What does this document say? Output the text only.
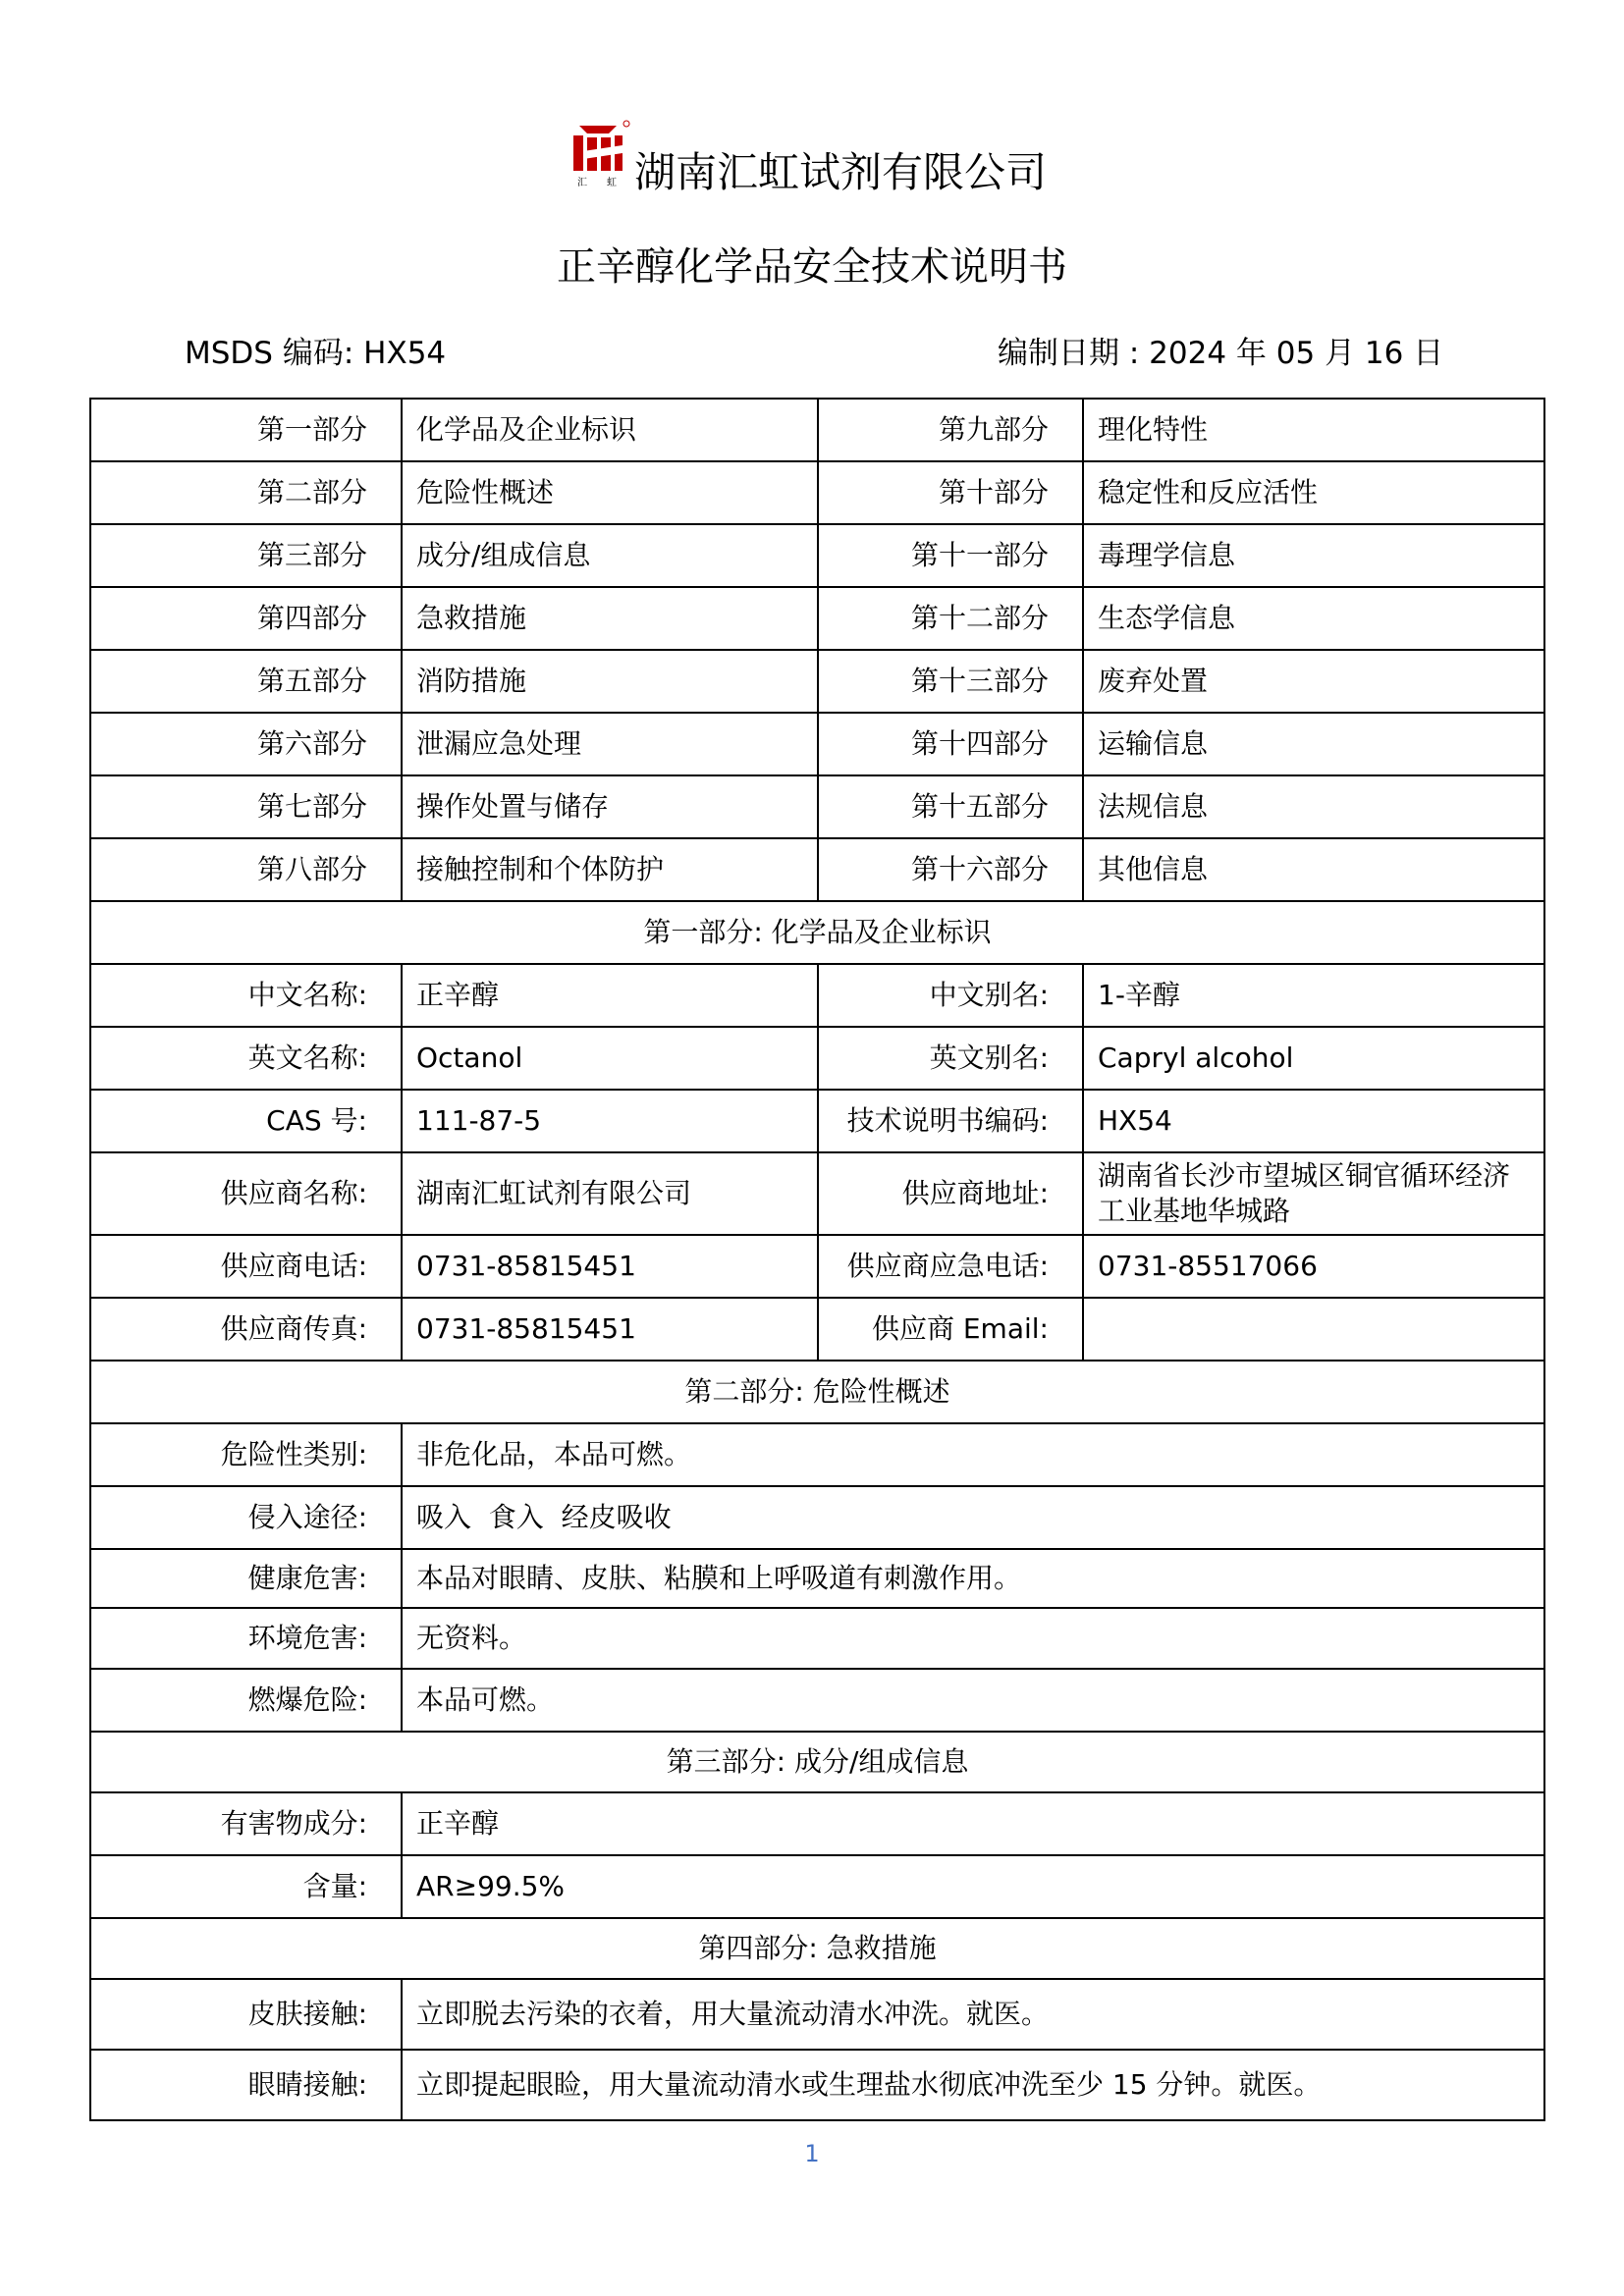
汇 虹 湖南汇虹试剂有限公司
正辛醇化学品安全技术说明书
MSDS 编码: HX54	编制日期 : 2024 年 05 月 16 日
第一部分	化学品及企业标识	第九部分	理化特性
第二部分	危险性概述	第十部分	稳定性和反应活性
第三部分	成分/组成信息	第十一部分	毒理学信息
第四部分	急救措施	第十二部分	生态学信息
第五部分	消防措施	第十三部分	废弃处置
第六部分	泄漏应急处理	第十四部分	运输信息
第七部分	操作处置与储存	第十五部分	法规信息
第八部分	接触控制和个体防护	第十六部分	其他信息
第一部分: 化学品及企业标识			
中文名称:	正辛醇	中文别名:	1-辛醇
英文名称:	Octanol	英文别名:	Capryl alcohol
CAS 号:	111-87-5	技术说明书编码:	HX54
供应商名称:	湖南汇虹试剂有限公司	供应商地址:	湖南省长沙市望城区铜官循环经济工业基地华城路
供应商电话:	0731-85815451	供应商应急电话:	0731-85517066
供应商传真:	0731-85815451	供应商 Email:	
第二部分: 危险性概述			
危险性类别:	非危化品，本品可燃。		
侵入途径:	吸入  食入  经皮吸收		
健康危害:	本品对眼睛、皮肤、粘膜和上呼吸道有刺激作用。		
环境危害:	无资料。		
燃爆危险:	本品可燃。		
第三部分: 成分/组成信息			
有害物成分:	正辛醇		
含量:	AR≥99.5%		
第四部分: 急救措施			
皮肤接触:	立即脱去污染的衣着，用大量流动清水冲洗。就医。		
眼睛接触:	立即提起眼睑，用大量流动清水或生理盐水彻底冲洗至少 15 分钟。就医。		
1
